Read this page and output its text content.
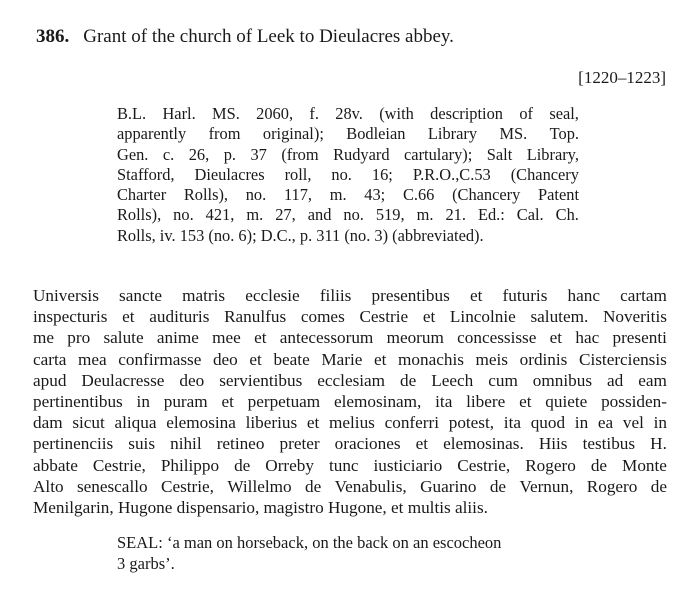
386. Grant of the church of Leek to Dieulacres abbey.
[1220–1223]
B.L. Harl. MS. 2060, f. 28v. (with description of seal,
apparently from original); Bodleian Library MS. Top.
Gen. c. 26, p. 37 (from Rudyard cartulary); Salt Library,
Stafford, Dieulacres roll, no. 16; P.R.O.,C.53 (Chancery
Charter Rolls), no. 117, m. 43; C.66 (Chancery Patent
Rolls), no. 421, m. 27, and no. 519, m. 21. Ed.: Cal. Ch.
Rolls, iv. 153 (no. 6); D.C., p. 311 (no. 3) (abbreviated).
Universis sancte matris ecclesie filiis presentibus et futuris hanc cartam
inspecturis et audituris Ranulfus comes Cestrie et Lincolnie salutem. Noveritis
me pro salute anime mee et antecessorum meorum concessisse et hac presenti
carta mea confirmasse deo et beate Marie et monachis meis ordinis Cisterciensis
apud Deulacresse deo servientibus ecclesiam de Leech cum omnibus ad eam
pertinentibus in puram et perpetuam elemosinam, ita libere et quiete possiden-
dam sicut aliqua elemosina liberius et melius conferri potest, ita quod in ea vel in
pertinenciis suis nihil retineo preter oraciones et elemosinas. Hiis testibus H.
abbate Cestrie, Philippo de Orreby tunc iusticiario Cestrie, Rogero de Monte
Alto senescallo Cestrie, Willelmo de Venabulis, Guarino de Vernun, Rogero de
Menilgarin, Hugone dispensario, magistro Hugone, et multis aliis.
SEAL: ‘a man on horseback, on the back on an escocheon
3 garbs’.
